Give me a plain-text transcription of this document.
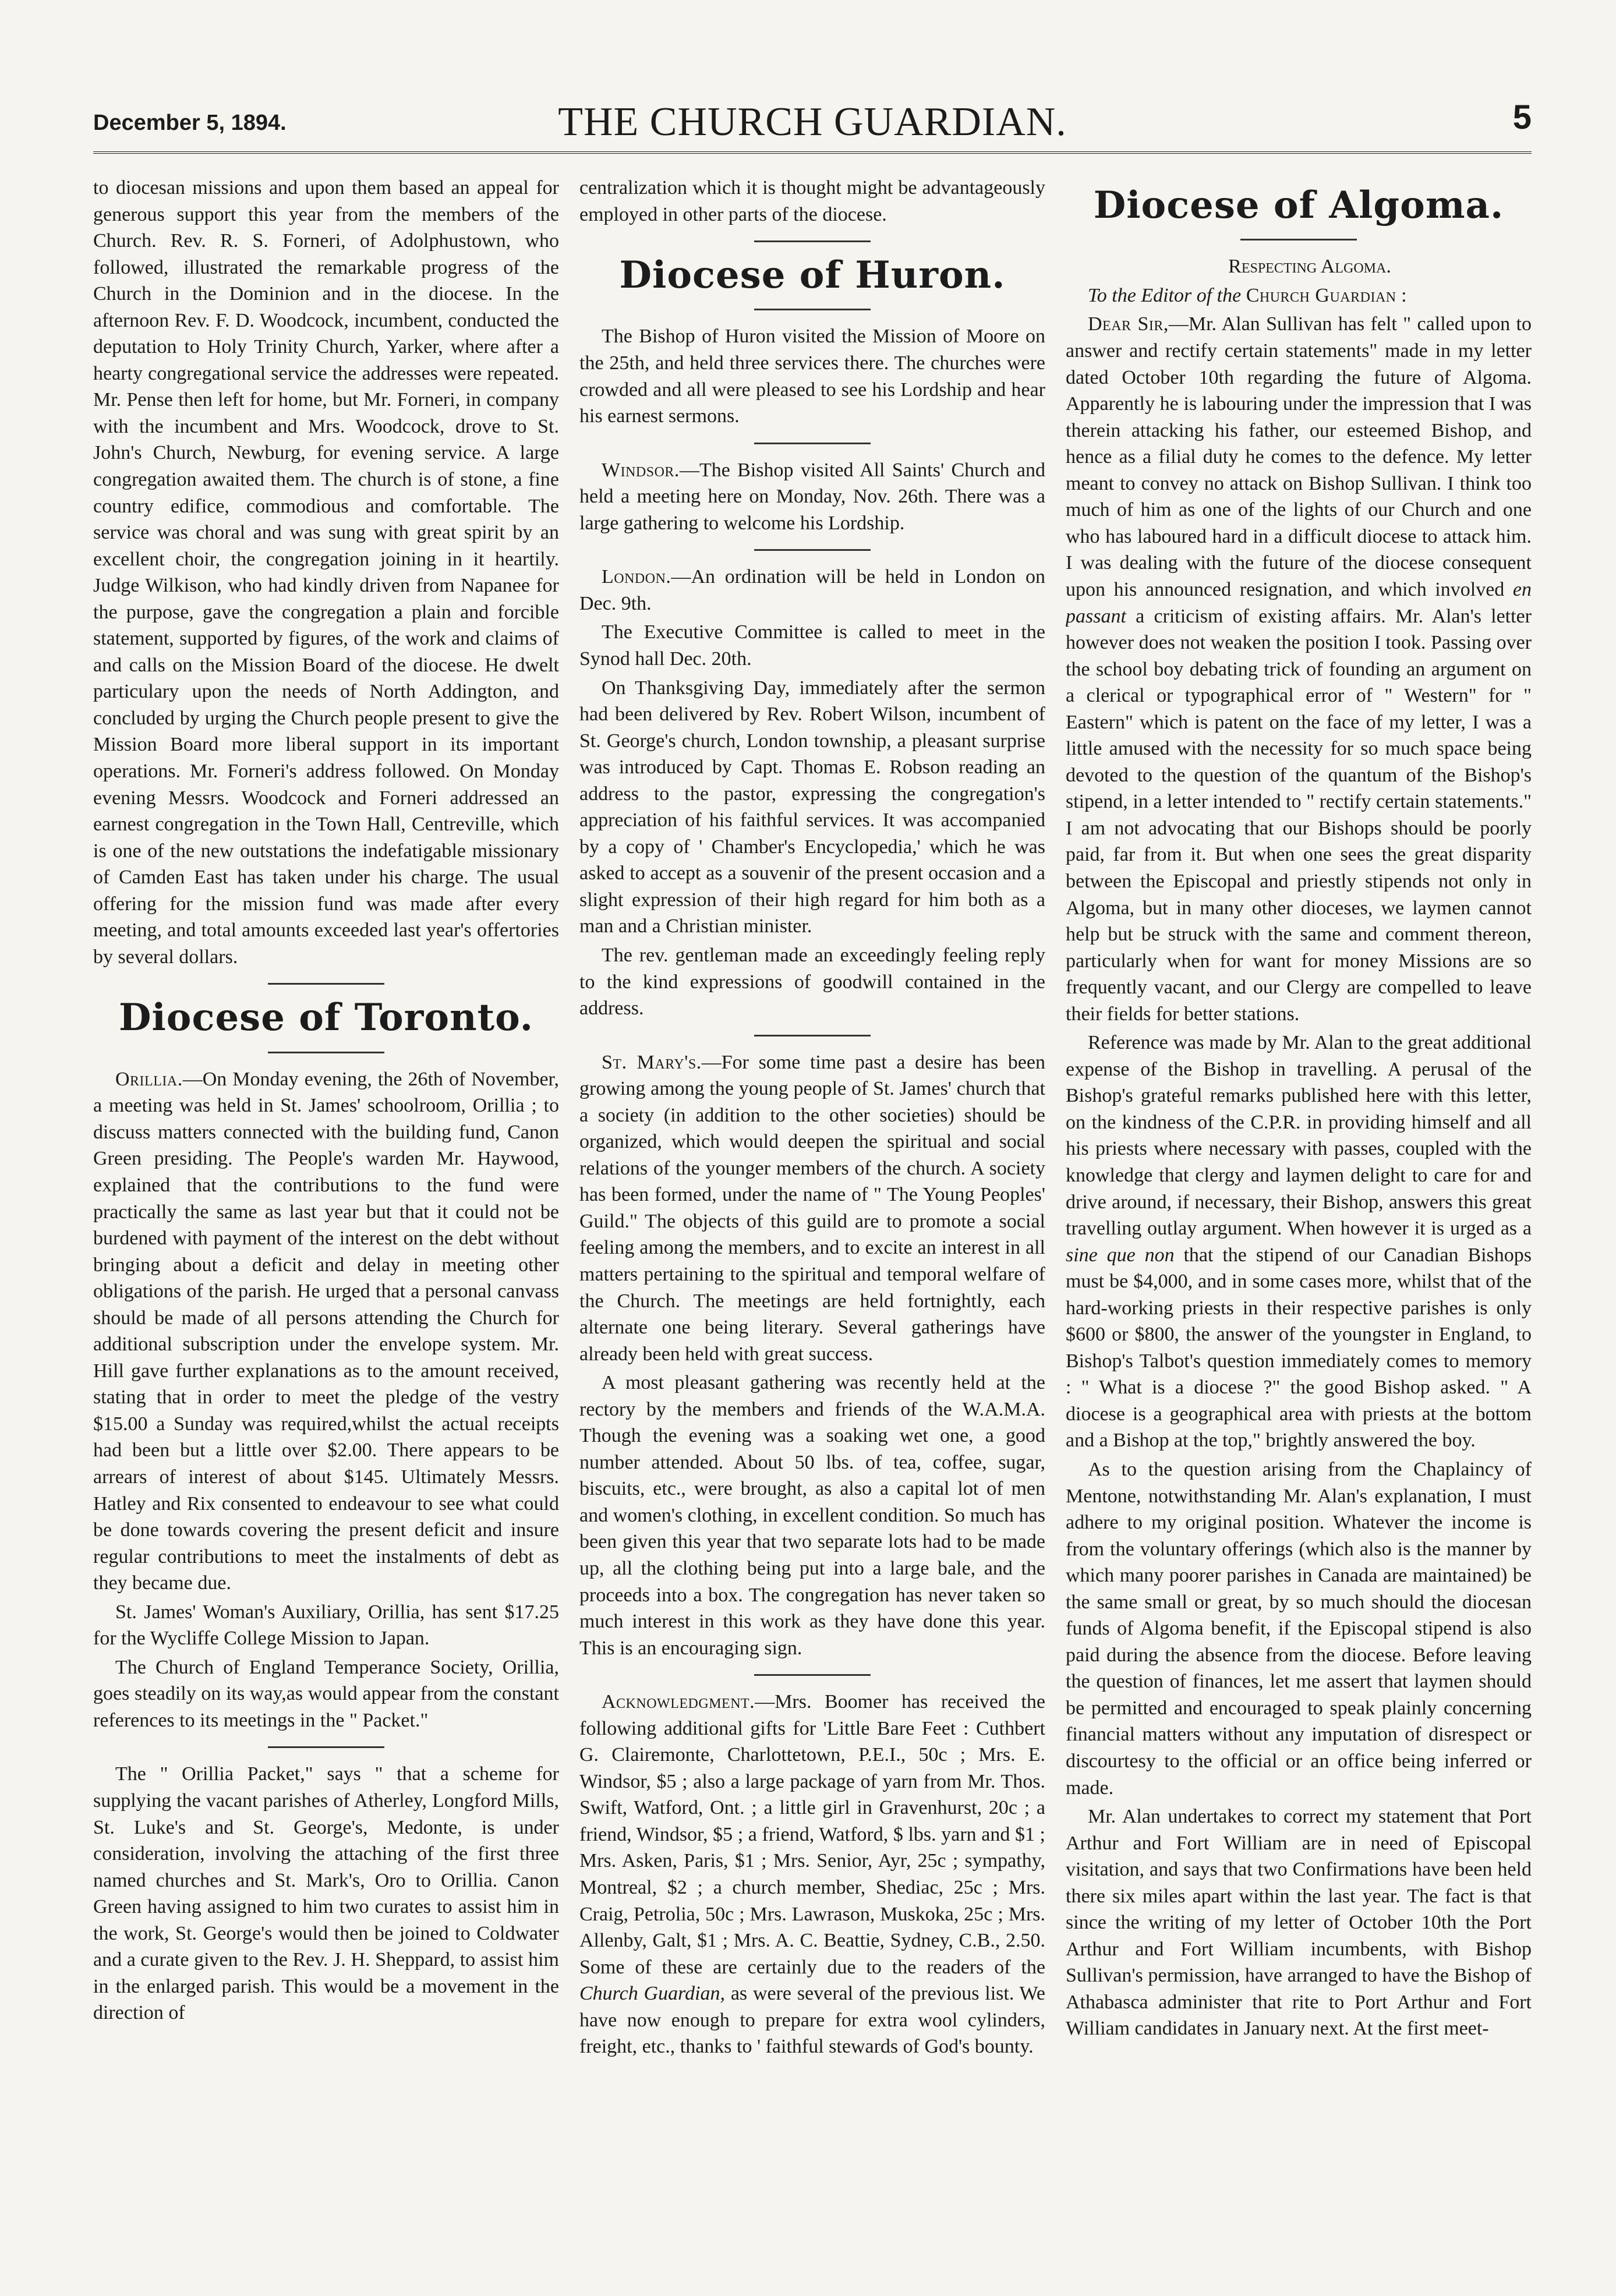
December 5, 1894.	THE CHURCH GUARDIAN.	5

to diocesan missions and upon them based an appeal for generous support this year from the members of the Church. Rev. R. S. Forneri, of Adolphustown, who followed, illustrated the remarkable progress of the Church in the Dominion and in the diocese. In the afternoon Rev. F. D. Woodcock, incumbent, conducted the deputation to Holy Trinity Church, Yarker, where after a hearty congregational service the addresses were repeated. Mr. Pense then left for home, but Mr. Forneri, in company with the incumbent and Mrs. Woodcock, drove to St. John's Church, Newburg, for evening service. A large congregation awaited them. The church is of stone, a fine country edifice, commodious and comfortable. The service was choral and was sung with great spirit by an excellent choir, the congregation joining in it heartily. Judge Wilkison, who had kindly driven from Napanee for the purpose, gave the congregation a plain and forcible statement, supported by figures, of the work and claims of and calls on the Mission Board of the diocese. He dwelt particulary upon the needs of North Addington, and concluded by urging the Church people present to give the Mission Board more liberal support in its important operations. Mr. Forneri's address followed. On Monday evening Messrs. Woodcock and Forneri addressed an earnest congregation in the Town Hall, Centreville, which is one of the new outstations the indefatigable missionary of Camden East has taken under his charge. The usual offering for the mission fund was made after every meeting, and total amounts exceeded last year's offertories by several dollars.

Diocese of Toronto.

Orillia.—On Monday evening, the 26th of November, a meeting was held in St. James' schoolroom, Orillia ; to discuss matters connected with the building fund, Canon Green presiding. The People's warden Mr. Haywood, explained that the contributions to the fund were practically the same as last year but that it could not be burdened with payment of the interest on the debt without bringing about a deficit and delay in meeting other obligations of the parish. He urged that a personal canvass should be made of all persons attending the Church for additional subscription under the envelope system. Mr. Hill gave further explanations as to the amount received, stating that in order to meet the pledge of the vestry $15.00 a Sunday was required,whilst the actual receipts had been but a little over $2.00. There appears to be arrears of interest of about $145. Ultimately Messrs. Hatley and Rix consented to endeavour to see what could be done towards covering the present deficit and insure regular contributions to meet the instalments of debt as they became due.

St. James' Woman's Auxiliary, Orillia, has sent $17.25 for the Wycliffe College Mission to Japan.

The Church of England Temperance Society, Orillia, goes steadily on its way,as would appear from the constant references to its meetings in the " Packet."

The " Orillia Packet," says " that a scheme for supplying the vacant parishes of Atherley, Longford Mills, St. Luke's and St. George's, Medonte, is under consideration, involving the attaching of the first three named churches and St. Mark's, Oro to Orillia. Canon Green having assigned to him two curates to assist him in the work, St. George's would then be joined to Coldwater and a curate given to the Rev. J. H. Sheppard, to assist him in the enlarged parish. This would be a movement in the direction of

centralization which it is thought might be advantageously employed in other parts of the diocese.

Diocese of Huron.

The Bishop of Huron visited the Mission of Moore on the 25th, and held three services there. The churches were crowded and all were pleased to see his Lordship and hear his earnest sermons.

Windsor.—The Bishop visited All Saints' Church and held a meeting here on Monday, Nov. 26th. There was a large gathering to welcome his Lordship.

London.—An ordination will be held in London on Dec. 9th.

The Executive Committee is called to meet in the Synod hall Dec. 20th.

On Thanksgiving Day, immediately after the sermon had been delivered by Rev. Robert Wilson, incumbent of St. George's church, London township, a pleasant surprise was introduced by Capt. Thomas E. Robson reading an address to the pastor, expressing the congregation's appreciation of his faithful services. It was accompanied by a copy of ' Chamber's Encyclopedia,' which he was asked to accept as a souvenir of the present occasion and a slight expression of their high regard for him both as a man and a Christian minister.

The rev. gentleman made an exceedingly feeling reply to the kind expressions of goodwill contained in the address.

St. Mary's.—For some time past a desire has been growing among the young people of St. James' church that a society (in addition to the other societies) should be organized, which would deepen the spiritual and social relations of the younger members of the church. A society has been formed, under the name of " The Young Peoples' Guild." The objects of this guild are to promote a social feeling among the members, and to excite an interest in all matters pertaining to the spiritual and temporal welfare of the Church. The meetings are held fortnightly, each alternate one being literary. Several gatherings have already been held with great success.

A most pleasant gathering was recently held at the rectory by the members and friends of the W.A.M.A. Though the evening was a soaking wet one, a good number attended. About 50 lbs. of tea, coffee, sugar, biscuits, etc., were brought, as also a capital lot of men and women's clothing, in excellent condition. So much has been given this year that two separate lots had to be made up, all the clothing being put into a large bale, and the proceeds into a box. The congregation has never taken so much interest in this work as they have done this year. This is an encouraging sign.

Acknowledgment.—Mrs. Boomer has received the following additional gifts for 'Little Bare Feet : Cuthbert G. Clairemonte, Charlottetown, P.E.I., 50c ; Mrs. E. Windsor, $5 ; also a large package of yarn from Mr. Thos. Swift, Watford, Ont. ; a little girl in Gravenhurst, 20c ; a friend, Windsor, $5 ; a friend, Watford, $ lbs. yarn and $1 ; Mrs. Asken, Paris, $1 ; Mrs. Senior, Ayr, 25c ; sympathy, Montreal, $2 ; a church member, Shediac, 25c ; Mrs. Craig, Petrolia, 50c ; Mrs. Lawrason, Muskoka, 25c ; Mrs. Allenby, Galt, $1 ; Mrs. A. C. Beattie, Sydney, C.B., 2.50. Some of these are certainly due to the readers of the Church Guardian, as were several of the previous list. We have now enough to prepare for extra wool cylinders, freight, etc., thanks to ' faithful stewards of God's bounty.

Diocese of Algoma.

Respecting Algoma.

To the Editor of the Church Guardian :

Dear Sir,—Mr. Alan Sullivan has felt " called upon to answer and rectify certain statements" made in my letter dated October 10th regarding the future of Algoma. Apparently he is labouring under the impression that I was therein attacking his father, our esteemed Bishop, and hence as a filial duty he comes to the defence. My letter meant to convey no attack on Bishop Sullivan. I think too much of him as one of the lights of our Church and one who has laboured hard in a difficult diocese to attack him. I was dealing with the future of the diocese consequent upon his announced resignation, and which involved en passant a criticism of existing affairs. Mr. Alan's letter however does not weaken the position I took. Passing over the school boy debating trick of founding an argument on a clerical or typographical error of " Western" for " Eastern" which is patent on the face of my letter, I was a little amused with the necessity for so much space being devoted to the question of the quantum of the Bishop's stipend, in a letter intended to " rectify certain statements." I am not advocating that our Bishops should be poorly paid, far from it. But when one sees the great disparity between the Episcopal and priestly stipends not only in Algoma, but in many other dioceses, we laymen cannot help but be struck with the same and comment thereon, particularly when for want for money Missions are so frequently vacant, and our Clergy are compelled to leave their fields for better stations.

Reference was made by Mr. Alan to the great additional expense of the Bishop in travelling. A perusal of the Bishop's grateful remarks published here with this letter, on the kindness of the C.P.R. in providing himself and all his priests where necessary with passes, coupled with the knowledge that clergy and laymen delight to care for and drive around, if necessary, their Bishop, answers this great travelling outlay argument. When however it is urged as a sine que non that the stipend of our Canadian Bishops must be $4,000, and in some cases more, whilst that of the hard-working priests in their respective parishes is only $600 or $800, the answer of the youngster in England, to Bishop's Talbot's question immediately comes to memory : " What is a diocese ?" the good Bishop asked. " A diocese is a geographical area with priests at the bottom and a Bishop at the top," brightly answered the boy.

As to the question arising from the Chaplaincy of Mentone, notwithstanding Mr. Alan's explanation, I must adhere to my original position. Whatever the income is from the voluntary offerings (which also is the manner by which many poorer parishes in Canada are maintained) be the same small or great, by so much should the diocesan funds of Algoma benefit, if the Episcopal stipend is also paid during the absence from the diocese. Before leaving the question of finances, let me assert that laymen should be permitted and encouraged to speak plainly concerning financial matters without any imputation of disrespect or discourtesy to the official or an office being inferred or made.

Mr. Alan undertakes to correct my statement that Port Arthur and Fort William are in need of Episcopal visitation, and says that two Confirmations have been held there six miles apart within the last year. The fact is that since the writing of my letter of October 10th the Port Arthur and Fort William incumbents, with Bishop Sullivan's permission, have arranged to have the Bishop of Athabasca administer that rite to Port Arthur and Fort William candidates in January next. At the first meet-
